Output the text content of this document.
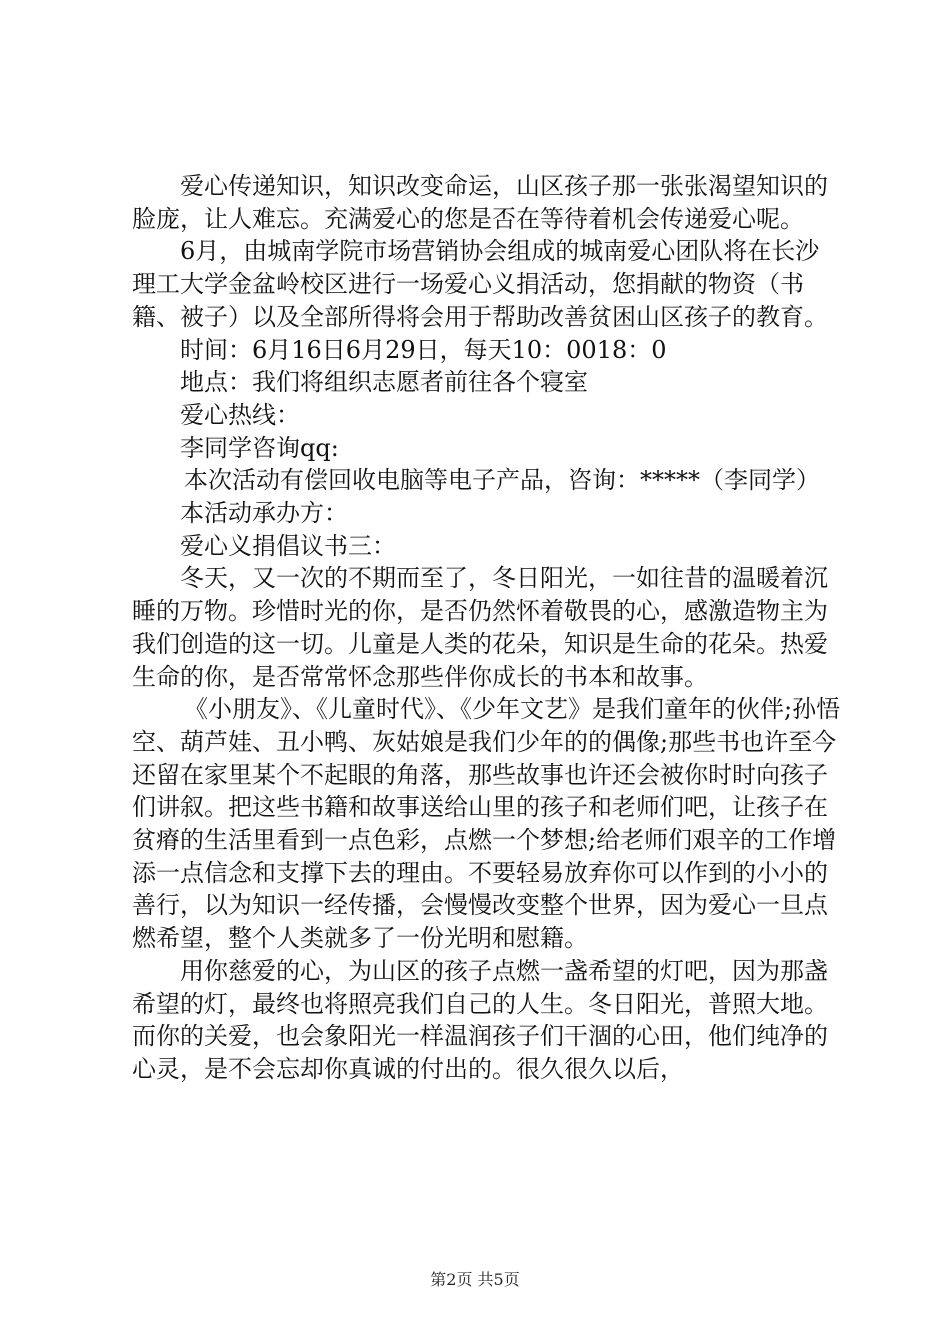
爱心传递知识，知识改变命运，山区孩子那一张张渴望知识的脸庞，让人难忘。充满爱心的您是否在等待着机会传递爱心呢。

6月，由城南学院市场营销协会组成的城南爱心团队将在长沙理工大学金盆岭校区进行一场爱心义捐活动，您捐献的物资（书籍、被子）以及全部所得将会用于帮助改善贫困山区孩子的教育。

时间：6月16日6月29日，每天10：0018：0

地点：我们将组织志愿者前往各个寝室

爱心热线：

李同学咨询qq:

本次活动有偿回收电脑等电子产品，咨询：*****（李同学）

本活动承办方：

爱心义捐倡议书三：

冬天，又一次的不期而至了，冬日阳光，一如往昔的温暖着沉睡的万物。珍惜时光的你，是否仍然怀着敬畏的心，感激造物主为我们创造的这一切。儿童是人类的花朵，知识是生命的花朵。热爱生命的你，是否常常怀念那些伴你成长的书本和故事。

《小朋友》、《儿童时代》、《少年文艺》是我们童年的伙伴;孙悟空、葫芦娃、丑小鸭、灰姑娘是我们少年的的偶像;那些书也许至今还留在家里某个不起眼的角落，那些故事也许还会被你时时向孩子们讲叙。把这些书籍和故事送给山里的孩子和老师们吧，让孩子在贫瘠的生活里看到一点色彩，点燃一个梦想;给老师们艰辛的工作增添一点信念和支撑下去的理由。不要轻易放弃你可以作到的小小的善行，以为知识一经传播，会慢慢改变整个世界，因为爱心一旦点燃希望，整个人类就多了一份光明和慰籍。

用你慈爱的心，为山区的孩子点燃一盏希望的灯吧，因为那盏希望的灯，最终也将照亮我们自己的人生。冬日阳光，普照大地。而你的关爱，也会象阳光一样温润孩子们干涸的心田，他们纯净的心灵，是不会忘却你真诚的付出的。很久很久以后，

第2页 共5页
